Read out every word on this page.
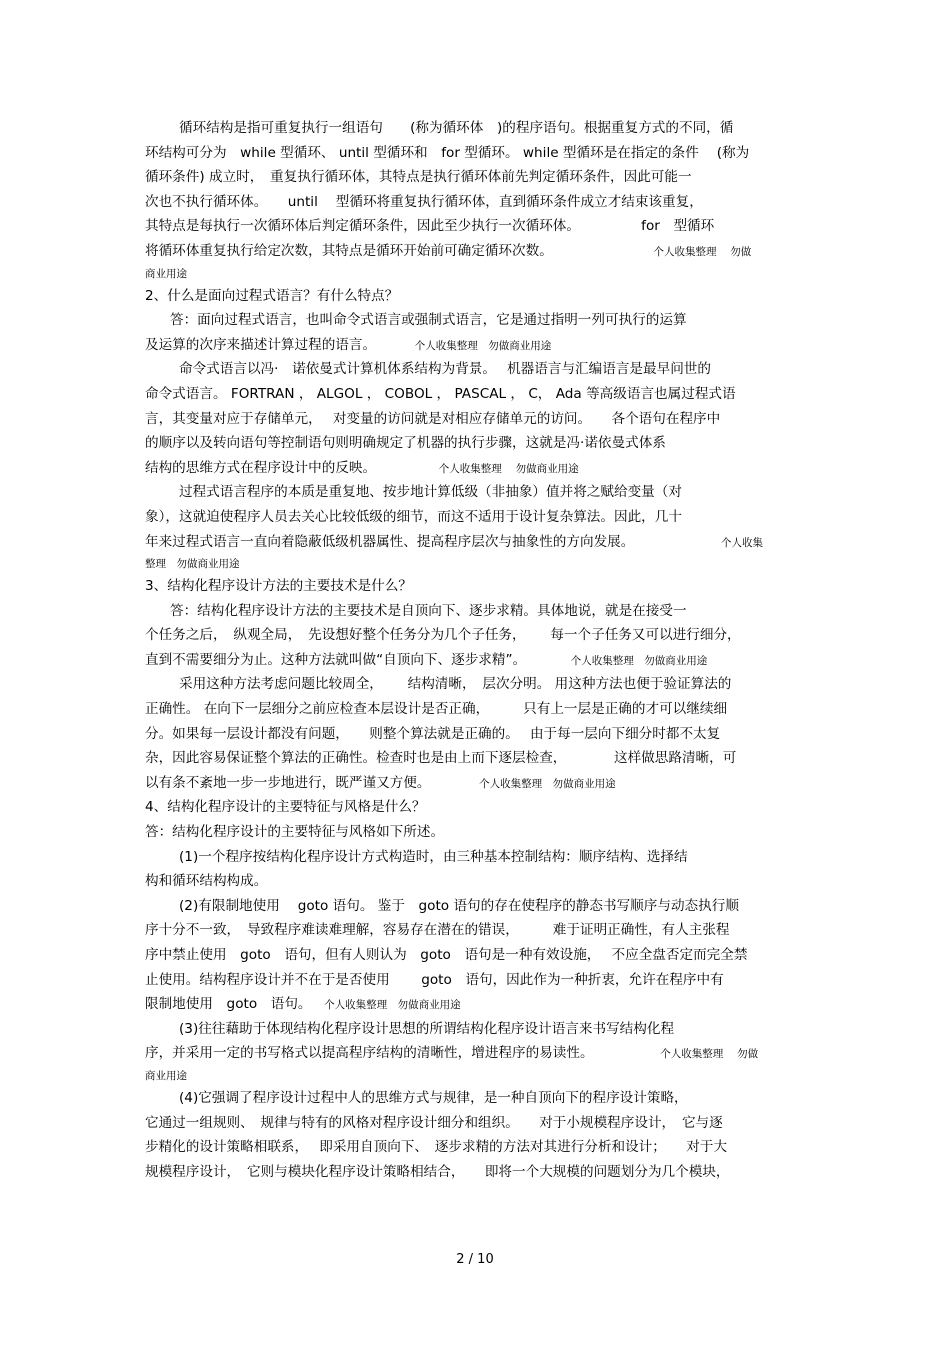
循环结构是指可重复执行一组语句　　(称为循环体　)的程序语句。根据重复方式的不同，循
环结构可分为　while 型循环、 until 型循环和　for 型循环。 while 型循环是在指定的条件　 (称为
循环条件) 成立时，　重复执行循环体，其特点是执行循环体前先判定循环条件，因此可能一
次也不执行循环体。　　until　 型循环将重复执行循环体，直到循环条件成立才结束该重复，
其特点是每执行一次循环体后判定循环条件，因此至少执行一次循环体。　　　　　for　型循环
将循环体重复执行给定次数，其特点是循环开始前可确定循环次数。	个人收集整理　 勿做
商业用途
2、什么是面向过程式语言？有什么特点？
答：面向过程式语言，也叫命令式语言或强制式语言，它是通过指明一列可执行的运算
及运算的次序来描述计算过程的语言。	个人收集整理　勿做商业用途
命令式语言以冯·　诺依曼式计算机体系结构为背景。　 机器语言与汇编语言是最早问世的
命令式语言。 FORTRAN ， ALGOL ， COBOL ， PASCAL ， C， Ada 等高级语言也属过程式语
言，其变量对应于存储单元，　 对变量的访问就是对相应存储单元的访问。　　各个语句在程序中
的顺序以及转向语句等控制语句则明确规定了机器的执行步骤，这就是冯·诺依曼式体系
结构的思维方式在程序设计中的反映。	个人收集整理　 勿做商业用途
过程式语言程序的本质是重复地、按步地计算低级（非抽象）值并将之赋给变量（对
象），这就迫使程序人员去关心比较低级的细节，而这不适用于设计复杂算法。因此，几十
年来过程式语言一直向着隐蔽低级机器属性、提高程序层次与抽象性的方向发展。	个人收集
整理　勿做商业用途
3、结构化程序设计方法的主要技术是什么？
答：结构化程序设计方法的主要技术是自顶向下、逐步求精。具体地说，就是在接受一
个任务之后，　纵观全局，　先设想好整个任务分为几个子任务，　　 每一个子任务又可以进行细分，
直到不需要细分为止。这种方法就叫做“自顶向下、逐步求精”。	个人收集整理　勿做商业用途
采用这种方法考虑问题比较周全，　　 结构清晰，　层次分明。 用这种方法也便于验证算法的
正确性。 在向下一层细分之前应检查本层设计是否正确，　　　只有上一层是正确的才可以继续细
分。如果每一层设计都没有问题，　　则整个算法就是正确的。　 由于每一层向下细分时都不太复
杂，因此容易保证整个算法的正确性。检查时也是由上而下逐层检查，　　　　这样做思路清晰，可
以有条不紊地一步一步地进行，既严谨又方便。	个人收集整理　勿做商业用途
4、结构化程序设计的主要特征与风格是什么？
答：结构化程序设计的主要特征与风格如下所述。
(1)一个程序按结构化程序设计方式构造时，由三种基本控制结构：顺序结构、选择结
构和循环结构构成。
(2)有限制地使用　 goto 语句。 鉴于　goto 语句的存在使程序的静态书写顺序与动态执行顺
序十分不一致，　导致程序难读难理解，容易存在潜在的错误，　　　难于证明正确性，有人主张程
序中禁止使用　goto　语句，但有人则认为　goto　语句是一种有效设施，　 不应全盘否定而完全禁
止使用。结构程序设计并不在于是否使用　　 goto　语句，因此作为一种折衷，允许在程序中有
限制地使用　goto　语句。 个人收集整理　勿做商业用途
(3)往往藉助于体现结构化程序设计思想的所谓结构化程序设计语言来书写结构化程
序，并采用一定的书写格式以提高程序结构的清晰性，增进程序的易读性。	个人收集整理　 勿做
商业用途
(4)它强调了程序设计过程中人的思维方式与规律，是一种自顶向下的程序设计策略，
它通过一组规则、　规律与特有的风格对程序设计细分和组织。　　对于小规模程序设计，　它与逐
步精化的设计策略相联系，　 即采用自顶向下、　逐步求精的方法对其进行分析和设计；　　对于大
规模程序设计，　它则与模块化程序设计策略相结合，　　即将一个大规模的问题划分为几个模块，
2 / 10
